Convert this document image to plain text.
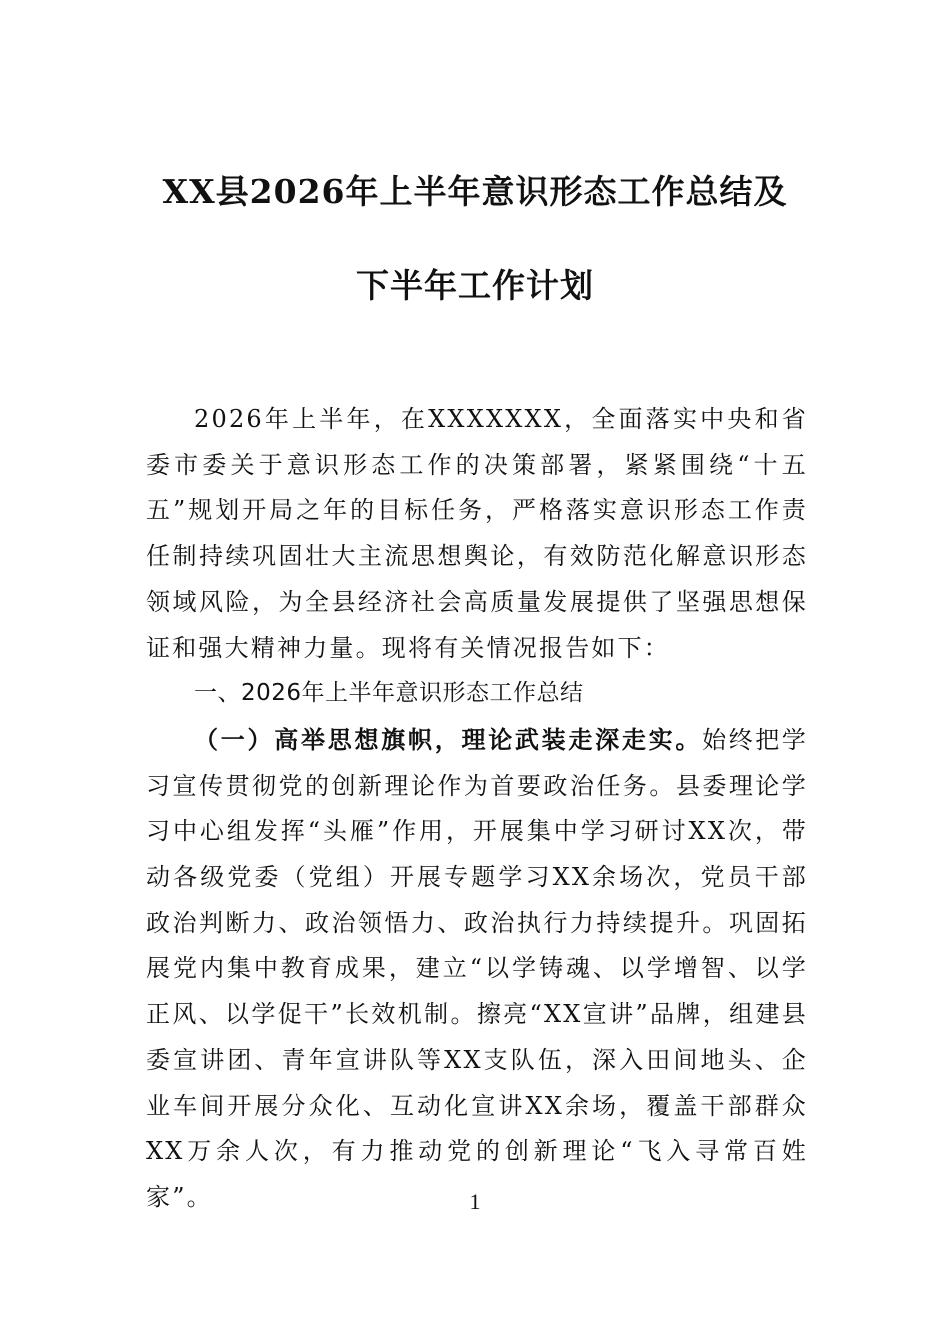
XX县2026年上半年意识形态工作总结及
下半年工作计划

2026年上半年，在XXXXXXX，全面落实中央和省委市委关于意识形态工作的决策部署，紧紧围绕“十五五”规划开局之年的目标任务，严格落实意识形态工作责任制持续巩固壮大主流思想舆论，有效防范化解意识形态领域风险，为全县经济社会高质量发展提供了坚强思想保证和强大精神力量。现将有关情况报告如下：

一、2026年上半年意识形态工作总结

（一）高举思想旗帜，理论武装走深走实。始终把学习宣传贯彻党的创新理论作为首要政治任务。县委理论学习中心组发挥“头雁”作用，开展集中学习研讨XX次，带动各级党委（党组）开展专题学习XX余场次，党员干部政治判断力、政治领悟力、政治执行力持续提升。巩固拓展党内集中教育成果，建立“以学铸魂、以学增智、以学正风、以学促干”长效机制。擦亮“XX宣讲”品牌，组建县委宣讲团、青年宣讲队等XX支队伍，深入田间地头、企业车间开展分众化、互动化宣讲XX余场，覆盖干部群众XX万余人次，有力推动党的创新理论“飞入寻常百姓家”。	1
